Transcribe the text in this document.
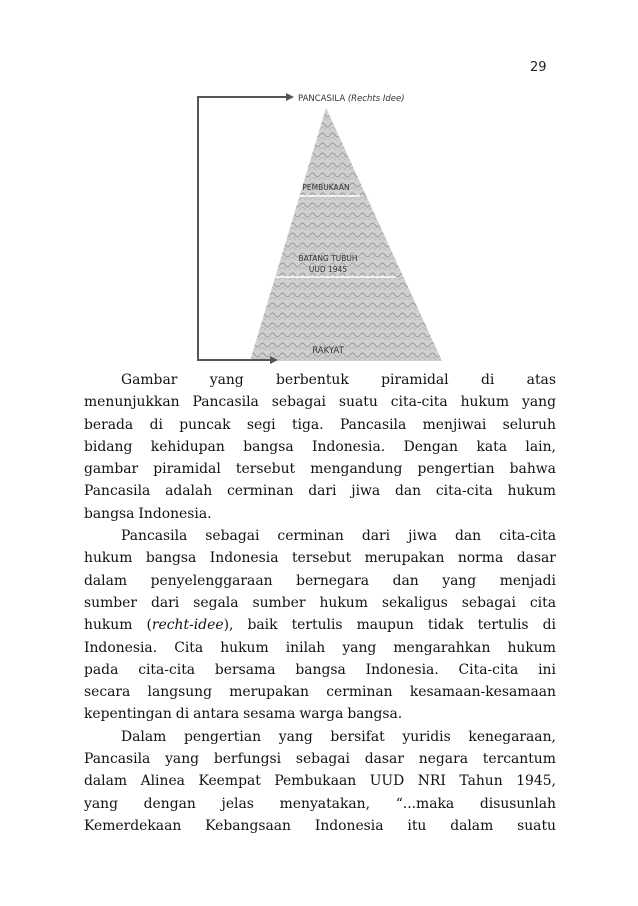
29
PANCASILA (Rechts Idee)
PEMBUKAAN
BATANG TUBUH
UUD 1945
RAKYAT
Gambar yang berbentuk piramidal di atas
menunjukkan Pancasila sebagai suatu cita-cita hukum yang
berada di puncak segi tiga. Pancasila menjiwai seluruh
bidang kehidupan bangsa Indonesia. Dengan kata lain,
gambar piramidal tersebut mengandung pengertian bahwa
Pancasila adalah cerminan dari jiwa dan cita-cita hukum
bangsa Indonesia.
Pancasila sebagai cerminan dari jiwa dan cita-cita
hukum bangsa Indonesia tersebut merupakan norma dasar
dalam penyelenggaraan bernegara dan yang menjadi
sumber dari segala sumber hukum sekaligus sebagai cita
hukum (recht-idee), baik tertulis maupun tidak tertulis di
Indonesia. Cita hukum inilah yang mengarahkan hukum
pada cita-cita bersama bangsa Indonesia. Cita-cita ini
secara langsung merupakan cerminan kesamaan-kesamaan
kepentingan di antara sesama warga bangsa.
Dalam pengertian yang bersifat yuridis kenegaraan,
Pancasila yang berfungsi sebagai dasar negara tercantum
dalam Alinea Keempat Pembukaan UUD NRI Tahun 1945,
yang dengan jelas menyatakan, “...maka disusunlah
Kemerdekaan Kebangsaan Indonesia itu dalam suatu
